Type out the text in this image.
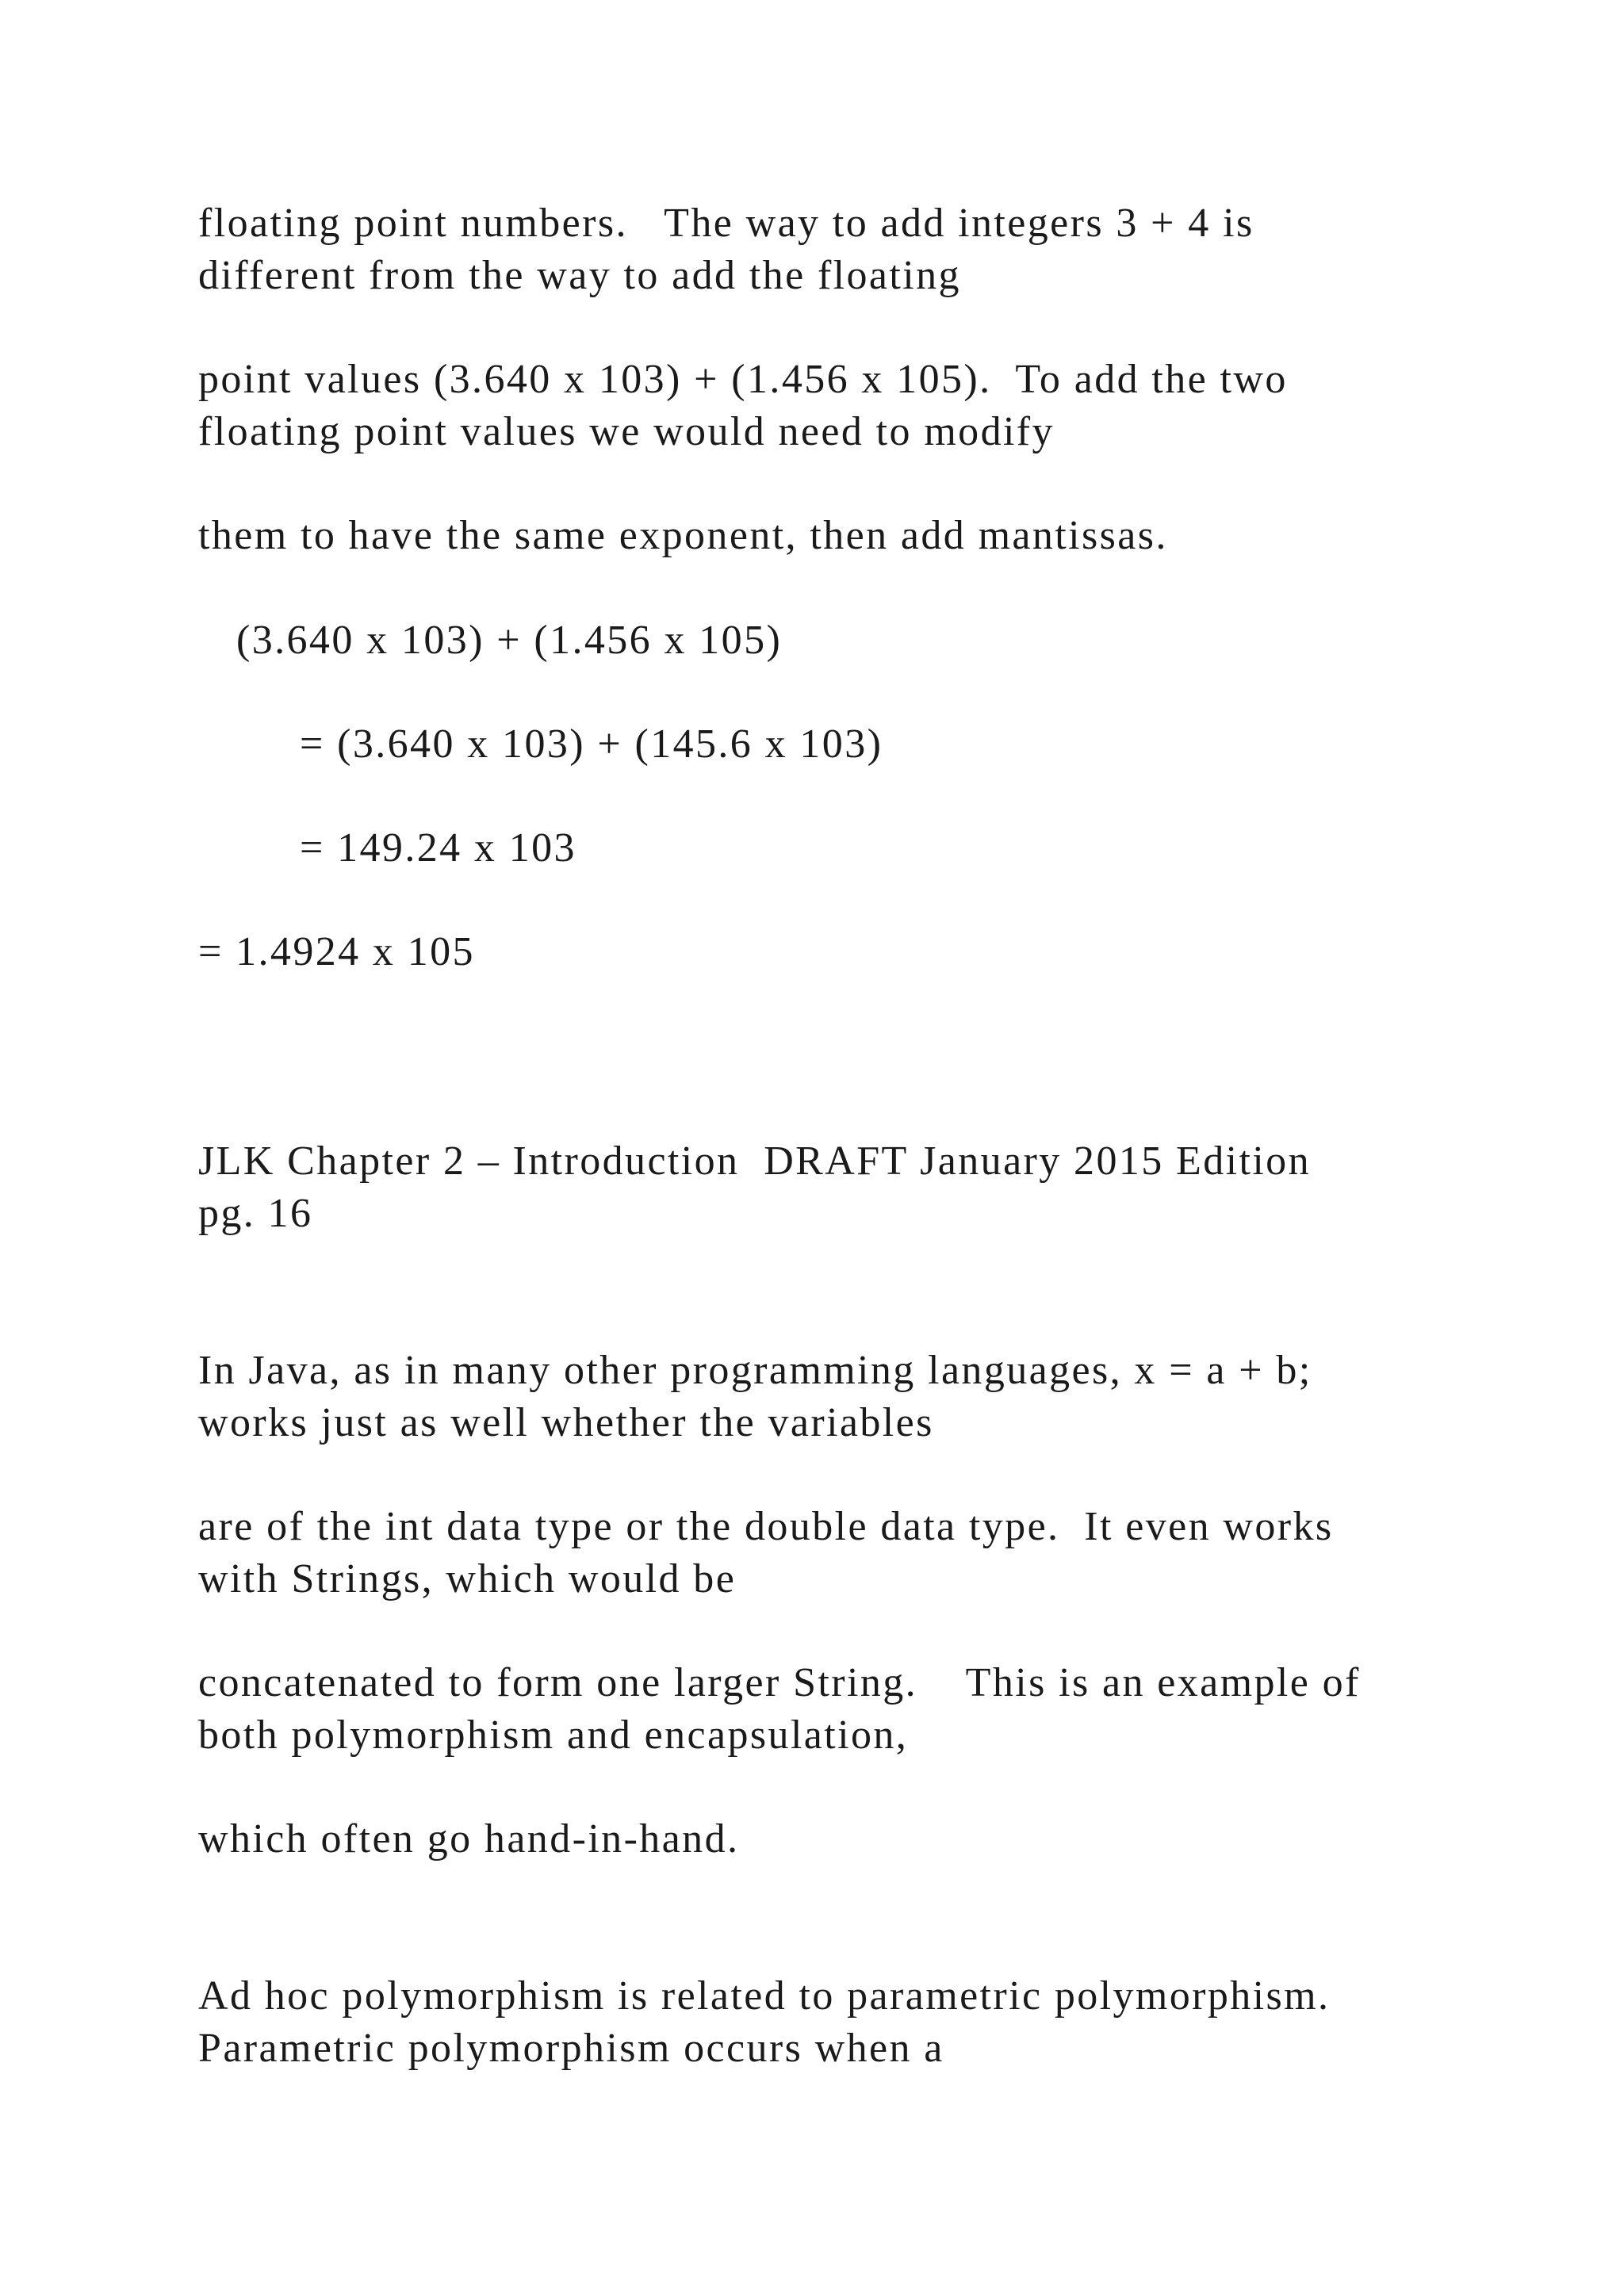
floating point numbers.   The way to add integers 3 + 4 is
different from the way to add the floating

point values (3.640 x 103) + (1.456 x 105).  To add the two
floating point values we would need to modify

them to have the same exponent, then add mantissas.

(3.640 x 103) + (1.456 x 105)

= (3.640 x 103) + (145.6 x 103)

= 149.24 x 103

= 1.4924 x 105

JLK Chapter 2 – Introduction  DRAFT January 2015 Edition
pg. 16

In Java, as in many other programming languages, x = a + b;
works just as well whether the variables

are of the int data type or the double data type.  It even works
with Strings, which would be

concatenated to form one larger String.    This is an example of
both polymorphism and encapsulation,

which often go hand-in-hand.

Ad hoc polymorphism is related to parametric polymorphism.
Parametric polymorphism occurs when a
